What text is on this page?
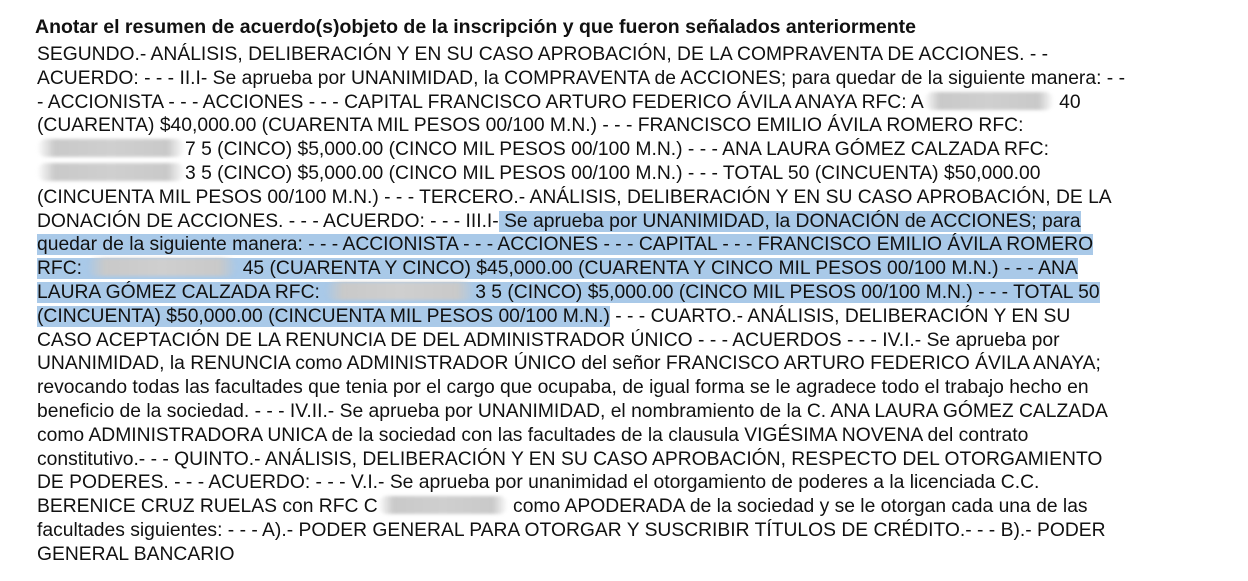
Anotar el resumen de acuerdo(s)objeto de la inscripción y que fueron señalados anteriormente
SEGUNDO.- ANÁLISIS, DELIBERACIÓN Y EN SU CASO APROBACIÓN, DE LA COMPRAVENTA DE ACCIONES. - -
ACUERDO: - - - II.I- Se aprueba por UNANIMIDAD, la COMPRAVENTA de ACCIONES; para quedar de la siguiente manera: - -
- ACCIONISTA - - - ACCIONES - - - CAPITAL FRANCISCO ARTURO FEDERICO ÁVILA ANAYA RFC: A	40
(CUARENTA) $40,000.00 (CUARENTA MIL PESOS 00/100 M.N.) - - - FRANCISCO EMILIO ÁVILA ROMERO RFC:
7 5 (CINCO) $5,000.00 (CINCO MIL PESOS 00/100 M.N.) - - - ANA LAURA GÓMEZ CALZADA RFC:
3 5 (CINCO) $5,000.00 (CINCO MIL PESOS 00/100 M.N.) - - - TOTAL 50 (CINCUENTA) $50,000.00
(CINCUENTA MIL PESOS 00/100 M.N.) - - - TERCERO.- ANÁLISIS, DELIBERACIÓN Y EN SU CASO APROBACIÓN, DE LA
DONACIÓN DE ACCIONES. - - - ACUERDO: - - - III.I- Se aprueba por UNANIMIDAD, la DONACIÓN de ACCIONES; para
quedar de la siguiente manera: - - - ACCIONISTA - - - ACCIONES - - - CAPITAL - - - FRANCISCO EMILIO ÁVILA ROMERO
RFC:	45 (CUARENTA Y CINCO) $45,000.00 (CUARENTA Y CINCO MIL PESOS 00/100 M.N.) - - - ANA
LAURA GÓMEZ CALZADA RFC:	3 5 (CINCO) $5,000.00 (CINCO MIL PESOS 00/100 M.N.) - - - TOTAL 50
(CINCUENTA) $50,000.00 (CINCUENTA MIL PESOS 00/100 M.N.) - - - CUARTO.- ANÁLISIS, DELIBERACIÓN Y EN SU
CASO ACEPTACIÓN DE LA RENUNCIA DE DEL ADMINISTRADOR ÚNICO - - - ACUERDOS - - - IV.I.- Se aprueba por
UNANIMIDAD, la RENUNCIA como ADMINISTRADOR ÚNICO del señor FRANCISCO ARTURO FEDERICO ÁVILA ANAYA;
revocando todas las facultades que tenia por el cargo que ocupaba, de igual forma se le agradece todo el trabajo hecho en
beneficio de la sociedad. - - - IV.II.- Se aprueba por UNANIMIDAD, el nombramiento de la C. ANA LAURA GÓMEZ CALZADA
como ADMINISTRADORA UNICA de la sociedad con las facultades de la clausula VIGÉSIMA NOVENA del contrato
constitutivo.- - - QUINTO.- ANÁLISIS, DELIBERACIÓN Y EN SU CASO APROBACIÓN, RESPECTO DEL OTORGAMIENTO
DE PODERES. - - - ACUERDO: - - - V.I.- Se aprueba por unanimidad el otorgamiento de poderes a la licenciada C.C.
BERENICE CRUZ RUELAS con RFC C	como APODERADA de la sociedad y se le otorgan cada una de las
facultades siguientes: - - - A).- PODER GENERAL PARA OTORGAR Y SUSCRIBIR TÍTULOS DE CRÉDITO.- - - B).- PODER
GENERAL BANCARIO
